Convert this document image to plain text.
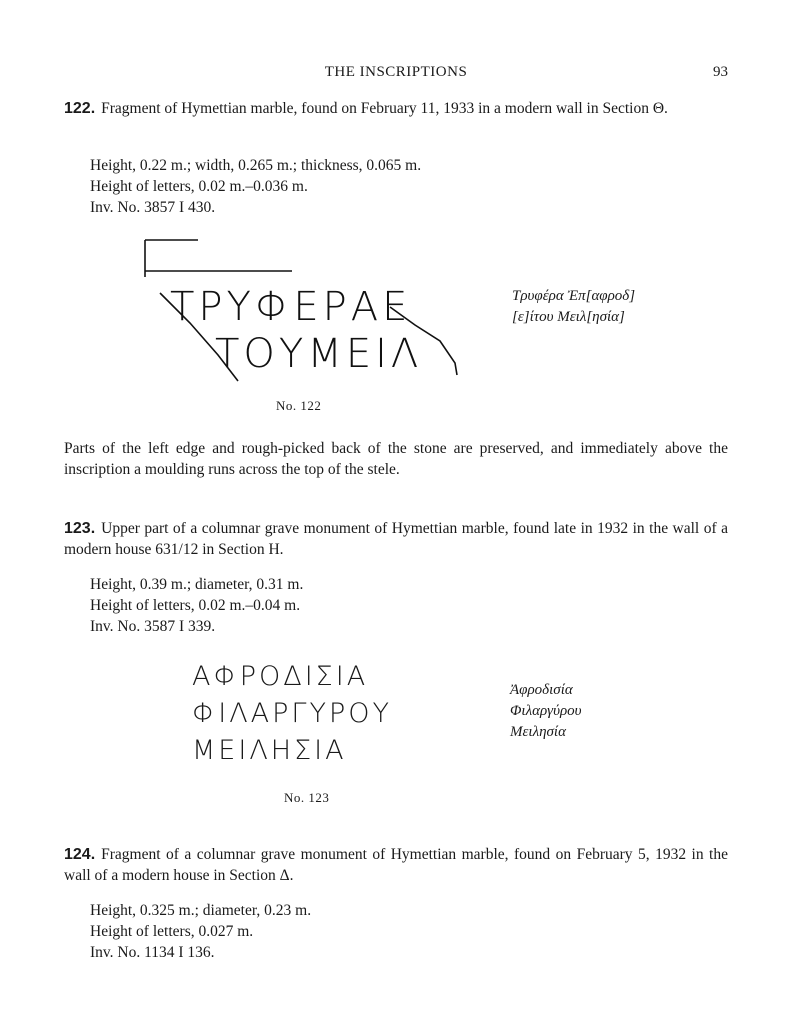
THE INSCRIPTIONS	93
122. Fragment of Hymettian marble, found on February 11, 1933 in a modern wall in Section Θ.
Height, 0.22 m.; width, 0.265 m.; thickness, 0.065 m.
Height of letters, 0.02 m.–0.036 m.
Inv. No. 3857 I 430.
ΤΡΥΦΕΡΑΕ
ΤΟΥΜΕΙΛ
Τρυφέρα Ἐπ[αφροδ]
[ε]ίτου Μειλ[ησία]
No. 122
Parts of the left edge and rough-picked back of the stone are preserved, and immediately above the inscription a moulding runs across the top of the stele.
123. Upper part of a columnar grave monument of Hymettian marble, found late in 1932 in the wall of a modern house 631/12 in Section H.
Height, 0.39 m.; diameter, 0.31 m.
Height of letters, 0.02 m.–0.04 m.
Inv. No. 3587 I 339.
ΑΦΡΟΔΙΣΙΑ
ΦΙΛΑΡΓΥΡΟΥ
ΜΕΙΛΗΣΙΑ
Ἀφροδισία
Φιλαργύρου
Μειλησία
No. 123
124. Fragment of a columnar grave monument of Hymettian marble, found on February 5, 1932 in the wall of a modern house in Section Δ.
Height, 0.325 m.; diameter, 0.23 m.
Height of letters, 0.027 m.
Inv. No. 1134 I 136.
